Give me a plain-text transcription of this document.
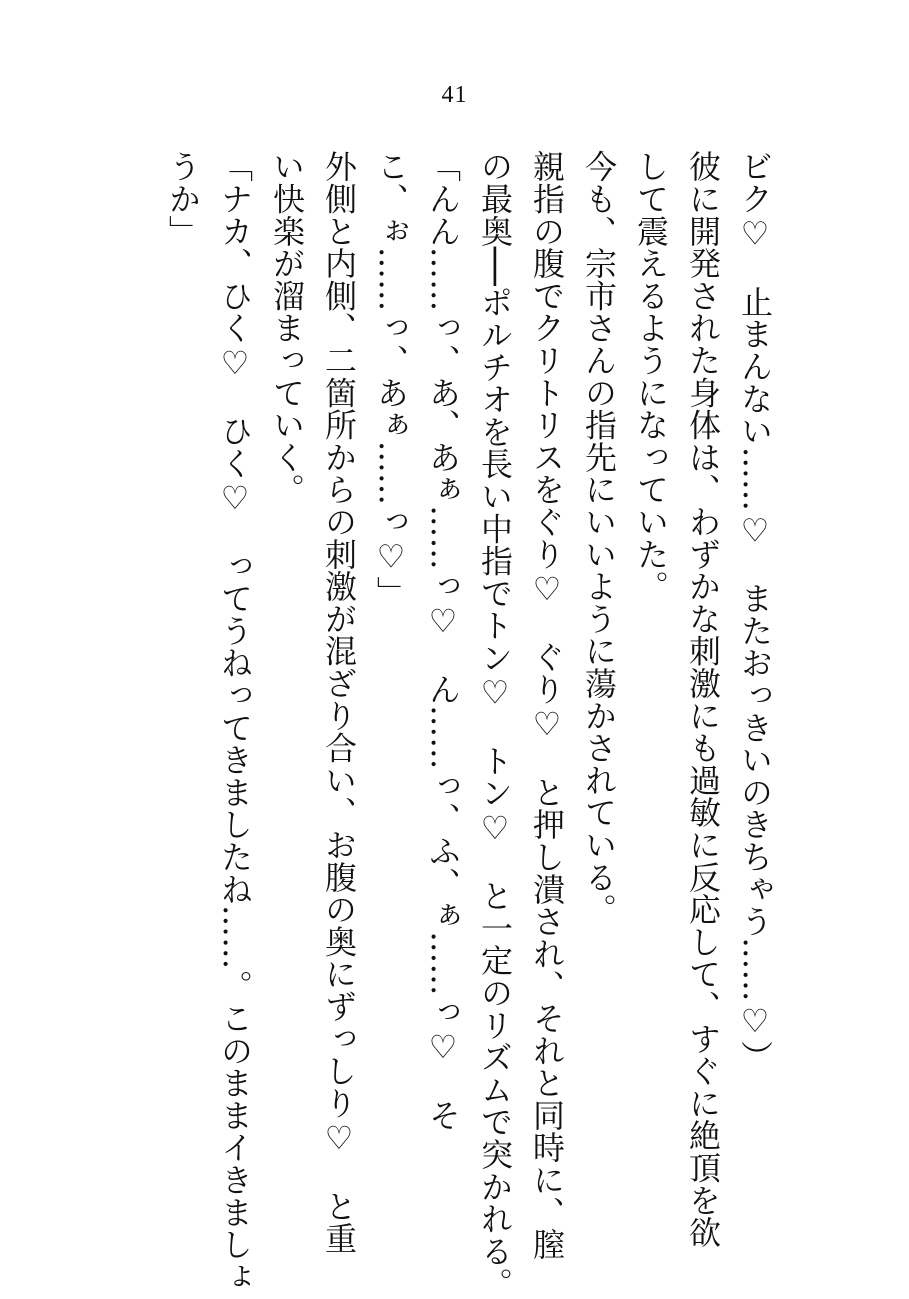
41

ビク♡　止まんない……♡　またおっきいのきちゃう……♡）

彼に開発された身体は、わずかな刺激にも過敏に反応して、すぐに絶頂を欲

して震えるようになっていた。

今も、宗市さんの指先にいいように蕩かされている。

親指の腹でクリトリスをぐり♡　ぐり♡　と押し潰され、それと同時に、膣

の最奥──ポルチオを長い中指でトン♡　トン♡　と一定のリズムで突かれる。

「んん……っ、あ、あぁ……っ♡　ん……っ、ふ、ぁ……っ♡　そ

こ、ぉ……っ、あぁ……っ♡」

外側と内側、二箇所からの刺激が混ざり合い、お腹の奥にずっしり♡　と重

い快楽が溜まっていく。

「ナカ、ひく♡　ひく♡　ってうねってきましたね……。このままイきましょ

うか」
